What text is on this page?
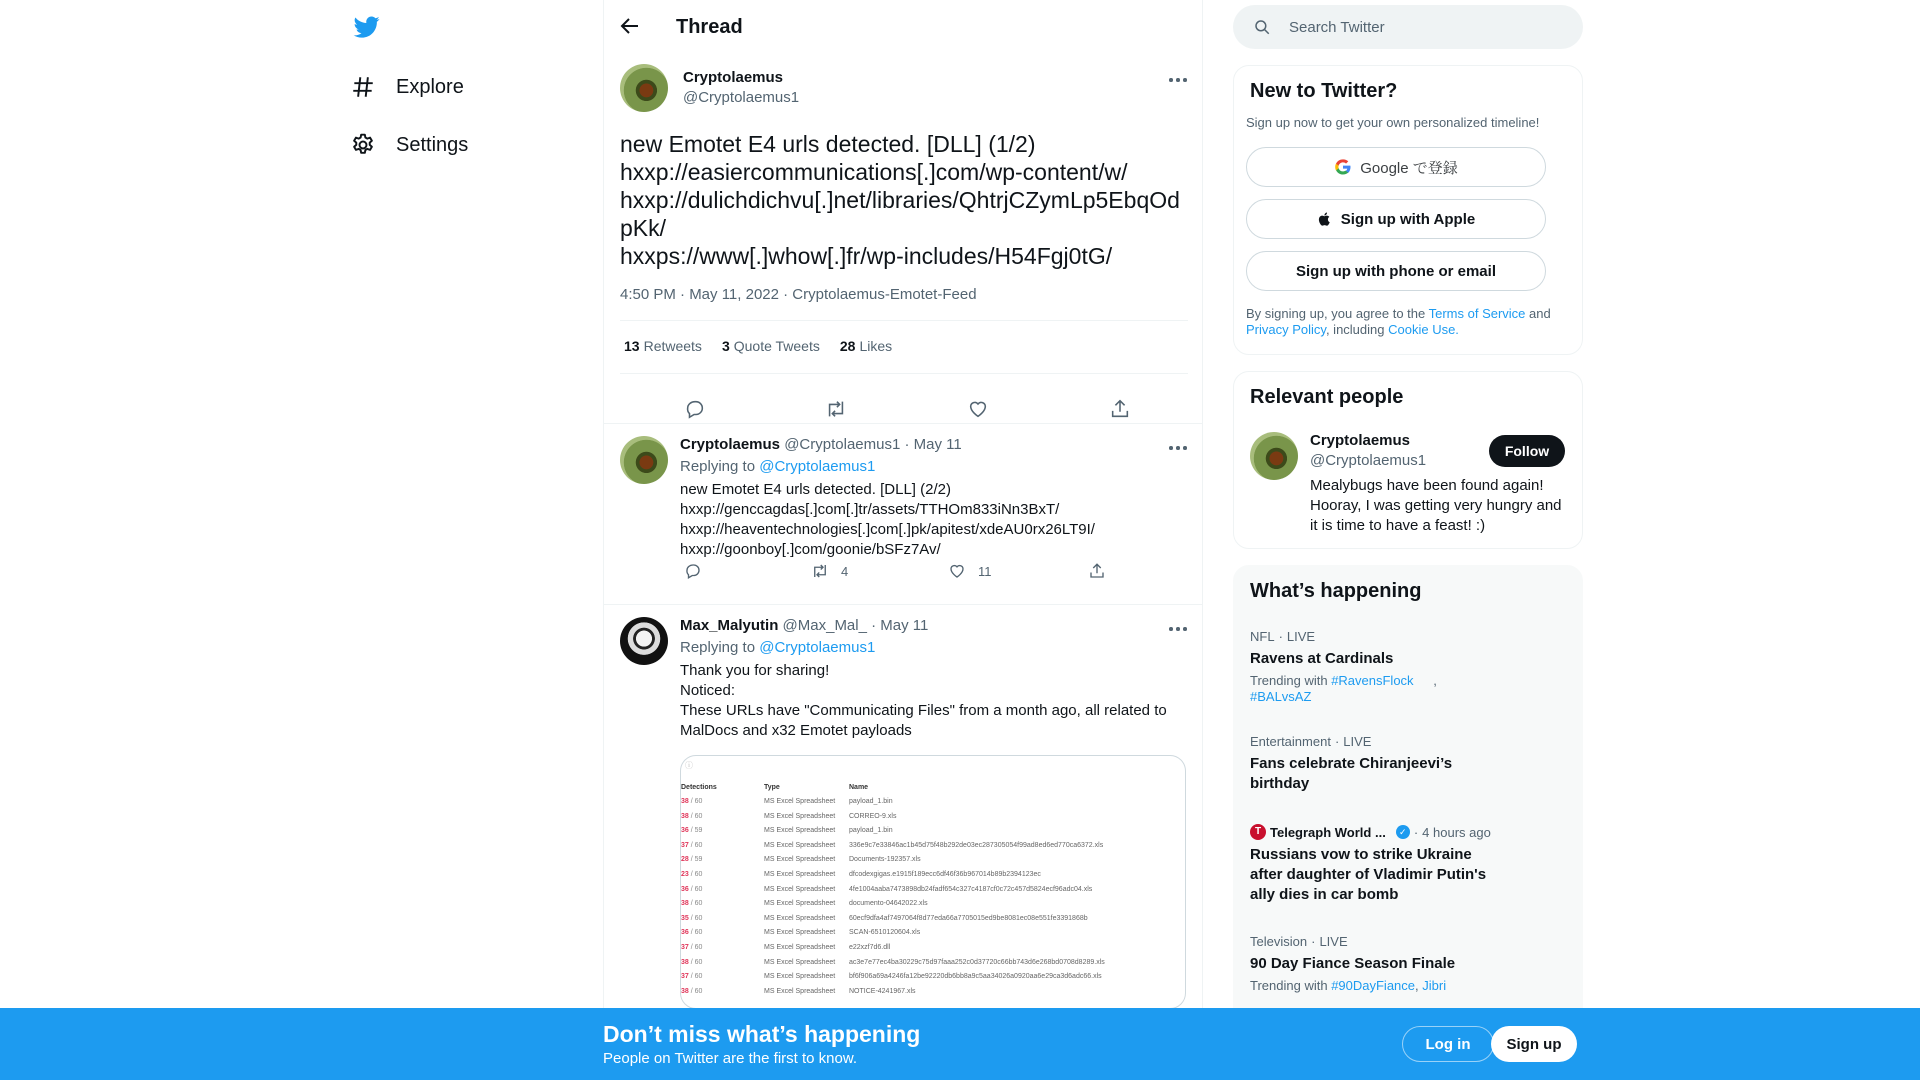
Explore
Settings
Thread
Cryptolaemus
@Cryptolaemus1
new Emotet E4 urls detected. [DLL] (1/2)
hxxp://easiercommunications[.]com/wp-content/w/
hxxp://dulichdichvu[.]net/libraries/QhtrjCZymLp5EbqOdpKk/
hxxps://www[.]whow[.]fr/wp-includes/H54Fgj0tG/
4:50 PM · May 11, 2022 · Cryptolaemus-Emotet-Feed
13 Retweets 3 Quote Tweets 28 Likes
Cryptolaemus @Cryptolaemus1 · May 11
Replying to @Cryptolaemus1
new Emotet E4 urls detected. [DLL] (2/2)
hxxp://genccagdas[.]com[.]tr/assets/TTHOm833iNn3BxT/
hxxp://heaventechnologies[.]com[.]pk/apitest/xdeAU0rx26LT9I/
hxxp://goonboy[.]com/goonie/bSFz7Av/
4	11
Max_Malyutin @Max_Mal_ · May 11
Replying to @Cryptolaemus1
Thank you for sharing!
Noticed:
These URLs have "Communicating Files" from a month ago, all related to MalDocs and x32 Emotet payloads
ⓘ
Detections	Type	Name
38 / 60	MS Excel Spreadsheet payload_1.bin
38 / 60	MS Excel Spreadsheet CORREO-9.xls
36 / 59	MS Excel Spreadsheet payload_1.bin
37 / 60	MS Excel Spreadsheet 336e9c7e33846ac1b45d75f48b292de03ec287305054f99ad8ed6ed770ca6372.xls
28 / 59	MS Excel Spreadsheet Documents-192357.xls
23 / 60	MS Excel Spreadsheet dfcodexgigas.e1915f189ecc6df46f36b967014b89b2394123ec
36 / 60	MS Excel Spreadsheet 4fe1004aaba7473898db24fadf654c327c4187cf0c72c457d5824ecf96adc04.xls
38 / 60	MS Excel Spreadsheet documento-04642022.xls
35 / 60	MS Excel Spreadsheet 60ecf9dfa4af7497064f8d77eda66a7705015ed9be8081ec08e551fe3391868b
36 / 60	MS Excel Spreadsheet SCAN-6510120604.xls
37 / 60	MS Excel Spreadsheet e22xzf7d6.dll
38 / 60	MS Excel Spreadsheet ac3e7e77ec4ba30229c75d97faaa252c0d37720c66bb743d6e268bd0708d8289.xls
37 / 60	MS Excel Spreadsheet bf6f906a69a4246fa12be92220db6bb8a9c5aa34026a0920aa6e29ca3d6adc66.xls
38 / 60	MS Excel Spreadsheet NOTICE-4241967.xls
Search Twitter
New to Twitter?
Sign up now to get your own personalized timeline!
Google で登録
Sign up with Apple
Sign up with phone or email
By signing up, you agree to the Terms of Service and Privacy Policy, including Cookie Use.
Relevant people
Cryptolaemus
@Cryptolaemus1
Follow
Mealybugs have been found again! Hooray, I was getting very hungry and it is time to have a feast! :)
What’s happening
NFL · LIVE
Ravens at Cardinals
Trending with #RavensFlock ,
#BALvsAZ
Entertainment · LIVE
Fans celebrate Chiranjeevi’s birthday
T Telegraph World ...	✓ · 4 hours ago
Russians vow to strike Ukraine after daughter of Vladimir Putin's ally dies in car bomb
Television · LIVE
90 Day Fiance Season Finale
Trending with #90DayFiance, Jibri
Don’t miss what’s happening
People on Twitter are the first to know.
Log in	Sign up
